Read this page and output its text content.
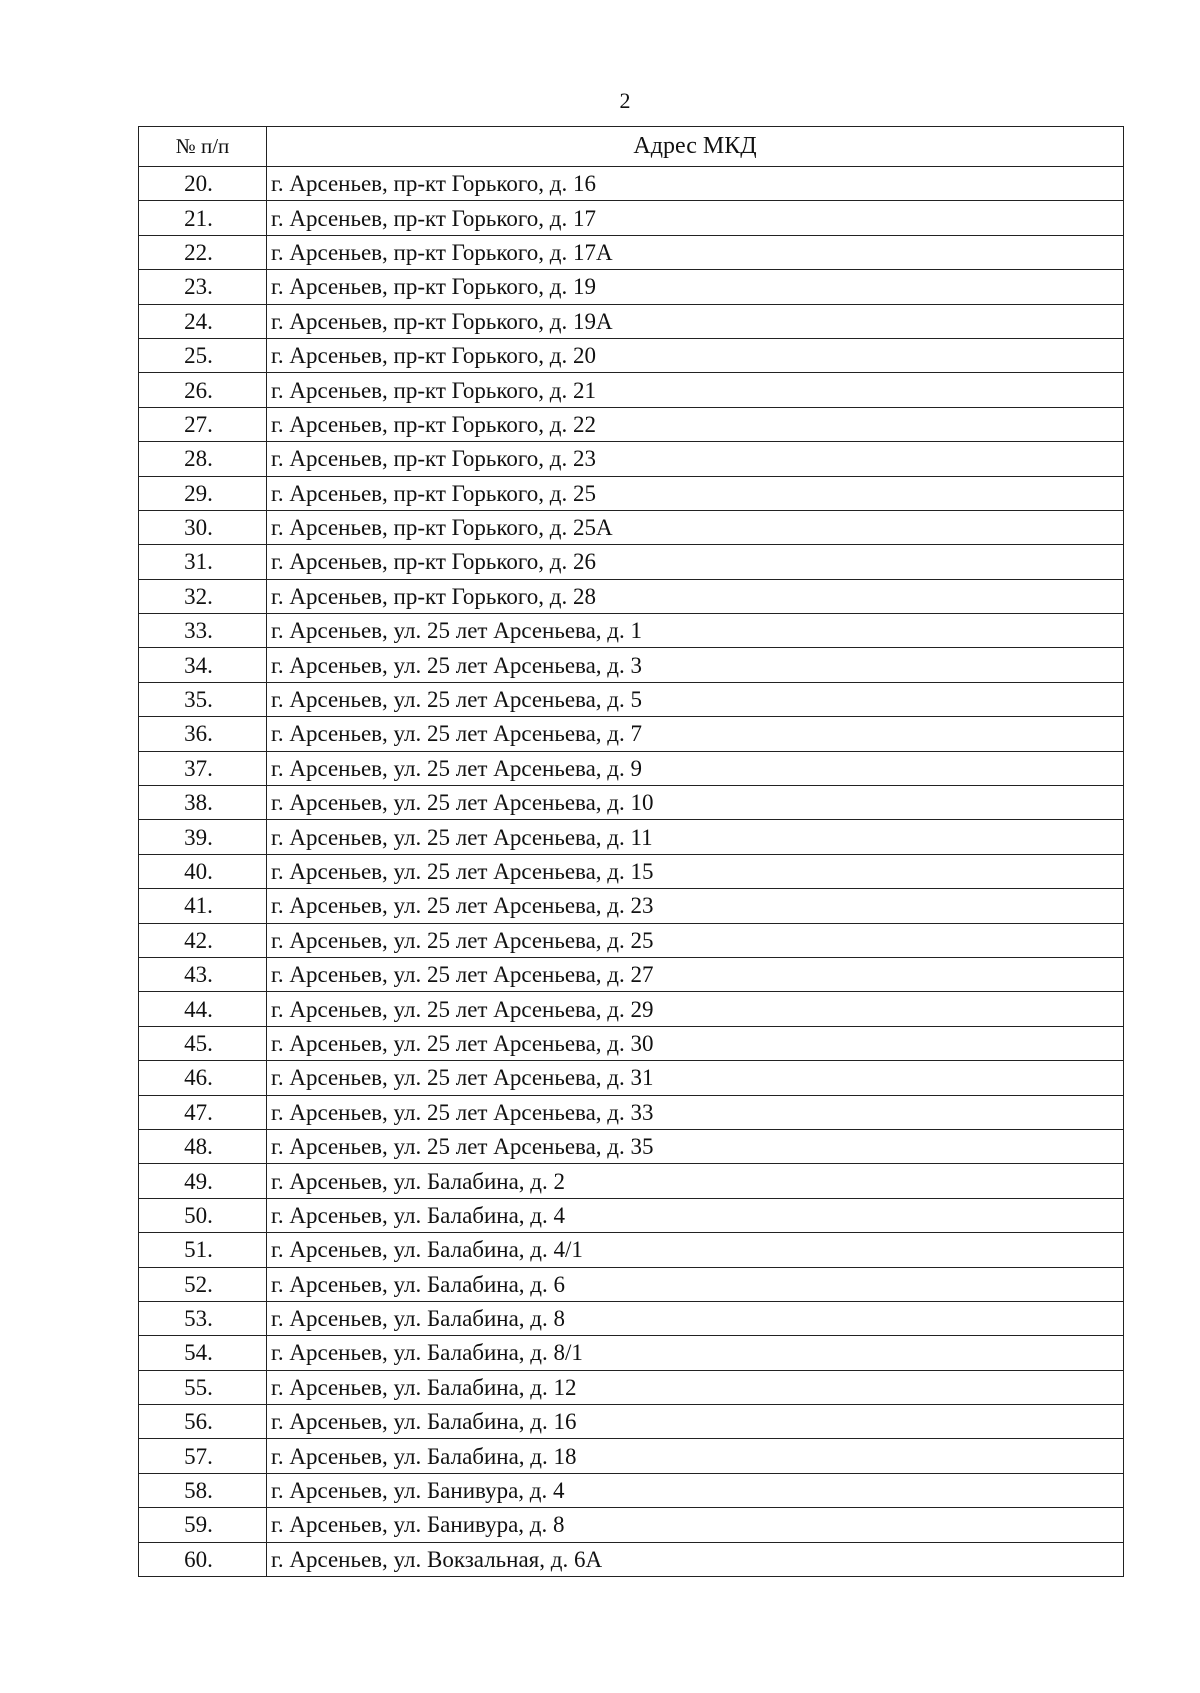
2
№ п/п	Адрес МКД
20.	г. Арсеньев, пр-кт Горького, д. 16
21.	г. Арсеньев, пр-кт Горького, д. 17
22.	г. Арсеньев, пр-кт Горького, д. 17А
23.	г. Арсеньев, пр-кт Горького, д. 19
24.	г. Арсеньев, пр-кт Горького, д. 19А
25.	г. Арсеньев, пр-кт Горького, д. 20
26.	г. Арсеньев, пр-кт Горького, д. 21
27.	г. Арсеньев, пр-кт Горького, д. 22
28.	г. Арсеньев, пр-кт Горького, д. 23
29.	г. Арсеньев, пр-кт Горького, д. 25
30.	г. Арсеньев, пр-кт Горького, д. 25А
31.	г. Арсеньев, пр-кт Горького, д. 26
32.	г. Арсеньев, пр-кт Горького, д. 28
33.	г. Арсеньев, ул. 25 лет Арсеньева, д. 1
34.	г. Арсеньев, ул. 25 лет Арсеньева, д. 3
35.	г. Арсеньев, ул. 25 лет Арсеньева, д. 5
36.	г. Арсеньев, ул. 25 лет Арсеньева, д. 7
37.	г. Арсеньев, ул. 25 лет Арсеньева, д. 9
38.	г. Арсеньев, ул. 25 лет Арсеньева, д. 10
39.	г. Арсеньев, ул. 25 лет Арсеньева, д. 11
40.	г. Арсеньев, ул. 25 лет Арсеньева, д. 15
41.	г. Арсеньев, ул. 25 лет Арсеньева, д. 23
42.	г. Арсеньев, ул. 25 лет Арсеньева, д. 25
43.	г. Арсеньев, ул. 25 лет Арсеньева, д. 27
44.	г. Арсеньев, ул. 25 лет Арсеньева, д. 29
45.	г. Арсеньев, ул. 25 лет Арсеньева, д. 30
46.	г. Арсеньев, ул. 25 лет Арсеньева, д. 31
47.	г. Арсеньев, ул. 25 лет Арсеньева, д. 33
48.	г. Арсеньев, ул. 25 лет Арсеньева, д. 35
49.	г. Арсеньев, ул. Балабина, д. 2
50.	г. Арсеньев, ул. Балабина, д. 4
51.	г. Арсеньев, ул. Балабина, д. 4/1
52.	г. Арсеньев, ул. Балабина, д. 6
53.	г. Арсеньев, ул. Балабина, д. 8
54.	г. Арсеньев, ул. Балабина, д. 8/1
55.	г. Арсеньев, ул. Балабина, д. 12
56.	г. Арсеньев, ул. Балабина, д. 16
57.	г. Арсеньев, ул. Балабина, д. 18
58.	г. Арсеньев, ул. Банивура, д. 4
59.	г. Арсеньев, ул. Банивура, д. 8
60.	г. Арсеньев, ул. Вокзальная, д. 6А
